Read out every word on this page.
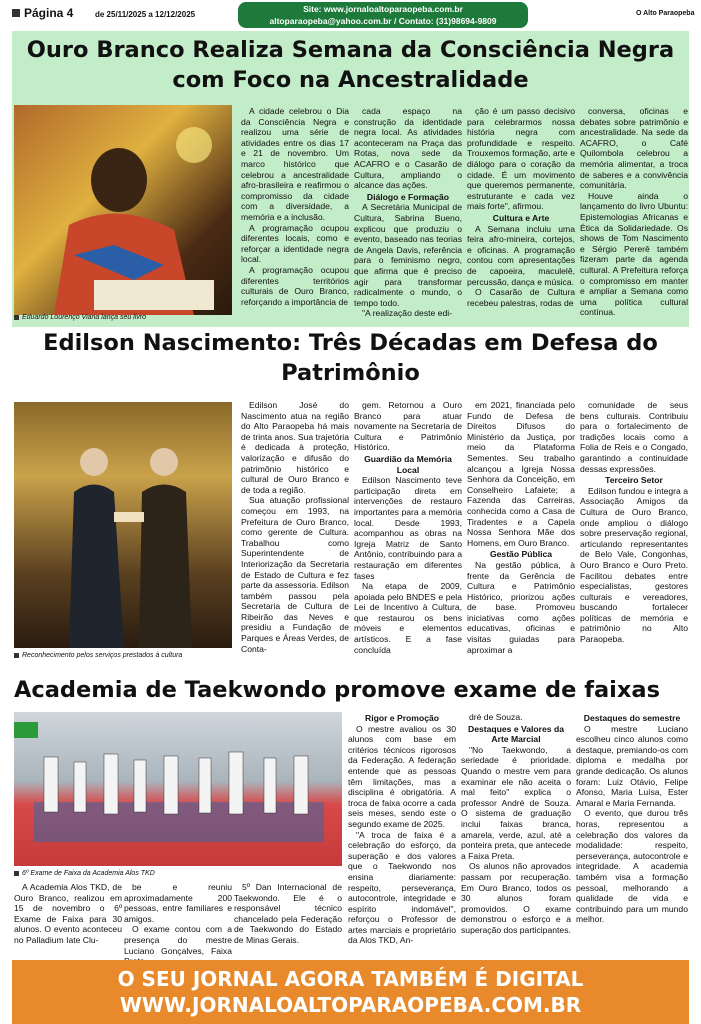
Página 4	de 25/11/2025 a 12/12/2025
Site: www.jornaloaltoparaopeba.com.br
altoparaopeba@yahoo.com.br / Contato: (31)98694-9809
O Alto Paraopeba
Ouro Branco Realiza Semana da Consciência Negra com Foco na Ancestralidade
Eduardo Lourenço Viana lança seu livro

A cidade celebrou o Dia da Consciência Negra e realizou uma série de atividades entre os dias 17 e 21 de novembro. Um marco histórico que celebrou a ancestralidade afro-brasileira e reafirmou o compromisso da cidade com a diversidade, a memória e a inclusão.

A programação ocupou diferentes locais, como e reforçar a identidade negra local.

A programação ocupou diferentes territórios culturais de Ouro Branco, reforçando a importância de

cada espaço na construção da identidade negra local. As atividades aconteceram na Praça das Rotas, nova sede da ACAFRO e o Casarão de Cultura, ampliando o alcance das ações.

Diálogo e Formação

A Secretária Municipal de Cultura, Sabrina Bueno, explicou que produziu o evento, baseado nas teorias de Angela Davis, referência para o feminismo negro, que afirma que é preciso agir para transformar radicalmente o mundo, o tempo todo.

"A realização deste edi-

ção é um passo decisivo para celebrarmos nossa história negra com profundidade e respeito. Trouxemos formação, arte e diálogo para o coração da cidade. É um movimento que queremos permanente, estruturante e cada vez mais forte", afirmou.

Cultura e Arte

A Semana incluiu uma feira afro-mineira, cortejos, e oficinas. A programação contou com apresentações de capoeira, maculelê, percussão, dança e música.

O Casarão de Cultura recebeu palestras, rodas de

conversa, oficinas e debates sobre patrimônio e ancestralidade. Na sede da ACAFRO, o Café Quilombola celebrou a memória alimentar, a troca de saberes e a convivência comunitária.

Houve ainda o lançamento do livro Ubuntu: Epistemologias Africanas e Ética da Solidariedade. Os shows de Tom Nascimento e Sérgio Pererê também fizeram parte da agenda cultural. A Prefeitura reforça o compromisso em manter e ampliar a Semana como uma política cultural contínua.

Edilson Nascimento: Três Décadas em Defesa do Patrimônio
Reconhecimento pelos serviços prestados à cultura

Edilson José do Nascimento atua na região do Alto Paraopeba há mais de trinta anos. Sua trajetória é dedicada à proteção, valorização e difusão do patrimônio histórico e cultural de Ouro Branco e de toda a região.

Sua atuação profissional começou em 1993, na Prefeitura de Ouro Branco, como gerente de Cultura. Trabalhou como Superintendente de Interiorização da Secretaria de Estado de Cultura e fez parte da assessoria. Edilson também passou pela Secretaria de Cultura de Ribeirão das Neves e presidiu a Fundação de Parques e Áreas Verdes, de Conta-

gem. Retornou a Ouro Branco para atuar novamente na Secretaria de Cultura e Patrimônio Histórico.

Guardião da Memória Local

Edilson Nascimento teve participação direta em intervenções de restauro importantes para a memória local. Desde 1993, acompanhou as obras na Igreja Matriz de Santo Antônio, contribuindo para a restauração em diferentes fases

Na etapa de 2009, apoiada pelo BNDES e pela Lei de Incentivo à Cultura, que restaurou os bens móveis e elementos artísticos. E a fase concluída

em 2021, financiada pelo Fundo de Defesa de Direitos Difusos do Ministério da Justiça, por meio da Plataforma Sementes. Seu trabalho alcançou a Igreja Nossa Senhora da Conceição, em Conselheiro Lafaiete; a Fazenda das Carreiras, conhecida como a Casa de Tiradentes e a Capela Nossa Senhora Mãe dos Homens, em Ouro Branco.

Gestão Pública

Na gestão pública, à frente da Gerência de Cultura e Patrimônio Histórico, priorizou ações de base. Promoveu iniciativas como ações educativas, oficinas e visitas guiadas para aproximar a

comunidade de seus bens culturais. Contribuiu para o fortalecimento de tradições locais como a Folia de Reis e o Congado, garantindo a continuidade dessas expressões.

Terceiro Setor

Edilson fundou e integra a Associação Amigos da Cultura de Ouro Branco, onde ampliou o diálogo sobre preservação regional, articulando representantes de Belo Vale, Congonhas, Ouro Branco e Ouro Preto. Facilitou debates entre especialistas, gestores culturais e vereadores, buscando fortalecer políticas de memória e patrimônio no Alto Paraopeba.

Academia de Taekwondo promove exame de faixas
6º Exame de Faixa da Academia Alos TKD

A Academia Alos TKD, de Ouro Branco, realizou em 15 de novembro o 6º Exame de Faixa para 30 alunos. O evento aconteceu no Palladium Iate Clu-

be e reuniu aproximadamente 200 pessoas, entre familiares e amigos.

O exame contou com a presença do mestre Luciano Gonçalves, Faixa

5º Dan Internacional de Taekwondo. Ele é o responsável técnico chancelado pela Federação de Taekwondo do Estado de Minas Gerais.

Rigor e Promoção

O mestre avaliou os 30 alunos com base em critérios técnicos rigorosos da Federação. A federação entende que as pessoas têm limitações, mas a disciplina é obrigatória. A troca de faixa ocorre a cada seis meses, sendo este o segundo exame de 2025.

"A troca de faixa é a celebração do esforço, da superação e dos valores que o Taekwondo nos ensina diariamente: respeito, perseverança, autocontrole, integridade e espírito indomável", reforçou o Professor de artes marciais e proprietário da Alos TKD, An-

dré de Souza.

Destaques e Valores da Arte Marcial

"No Taekwondo, a seriedade é prioridade. Quando o mestre vem para examinar ele não aceita o mal feito" explica o professor André de Souza. O sistema de graduação inclui faixas branca, amarela, verde, azul, até a ponteira preta, que antecede a Faixa Preta.

Os alunos não aprovados passam por recuperação. Em Ouro Branco, todos os 30 alunos foram promovidos. O exame demonstrou o esforço e a superação dos participantes.

Destaques do semestre

O mestre Luciano escolheu cinco alunos como destaque, premiando-os com diploma e medalha por grande dedicação. Os alunos foram: Luiz Otávio, Felipe Afonso, Maria Luísa, Ester Amaral e Maria Fernanda.

O evento, que durou três horas, representou a celebração dos valores da modalidade: respeito, perseverança, autocontrole e integridade. A academia também visa a formação pessoal, melhorando a qualidade de vida e contribuindo para um mundo melhor.

O SEU JORNAL AGORA TAMBÉM É DIGITAL
WWW.JORNALOALTOPARAOPEBA.COM.BR
